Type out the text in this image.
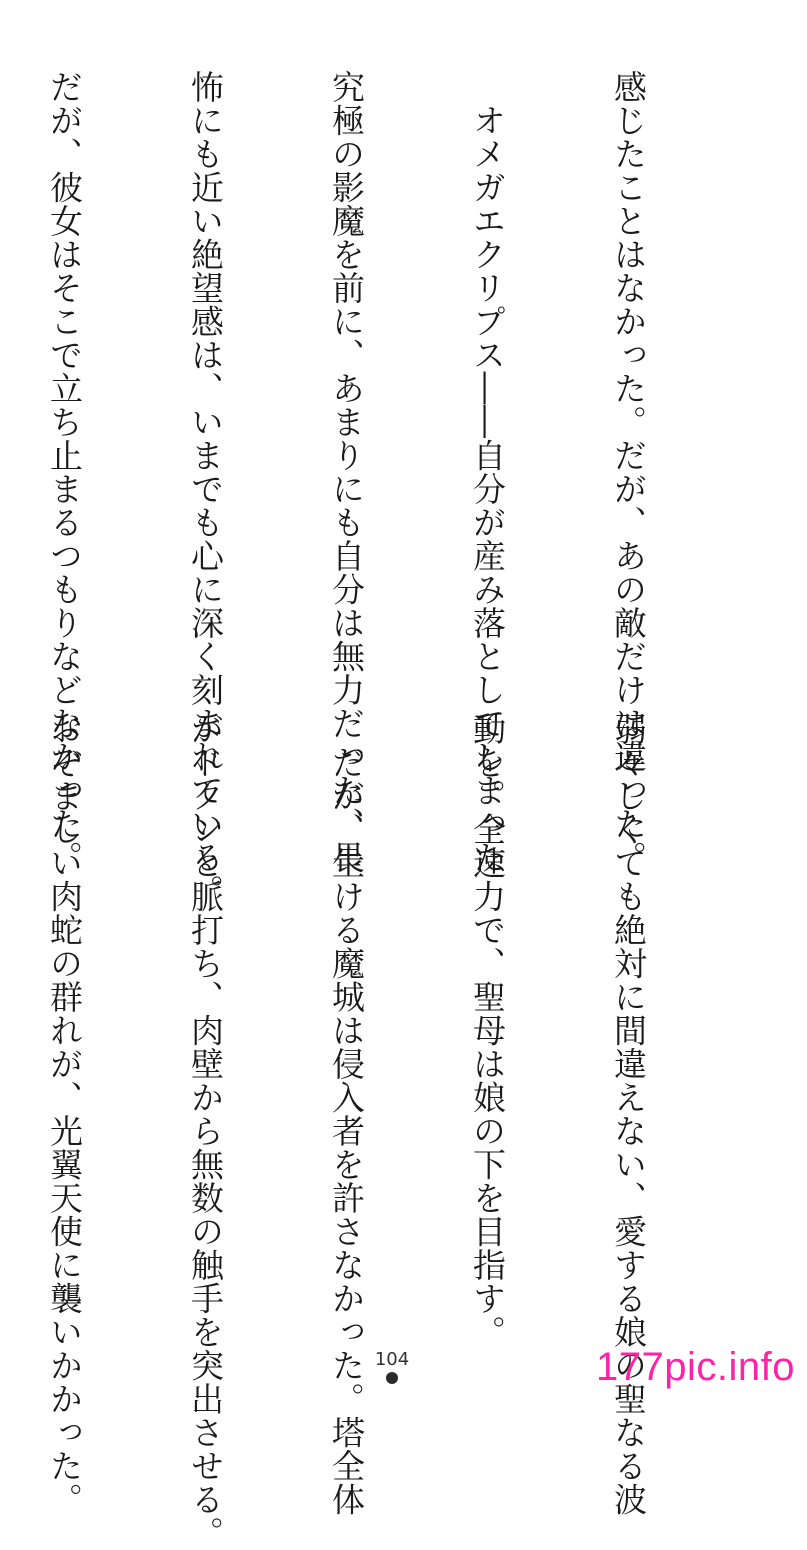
感じたことはなかった。だが、あの敵だけは違った。

　オメガエクリプス――自分が産み落としてしまった

究極の影魔を前に、あまりにも自分は無力だった、畏

怖にも近い絶望感は、いまでも心に深く刻まれている。

だが、彼女はそこで立ち止まるつもりなどなかった。

弱々しくても絶対に間違えない、愛する娘の聖なる波

動を。全速力で、聖母は娘の下を目指す。

　だが、生ける魔城は侵入者を許さなかった。塔全体

がドクンと脈打ち、肉壁から無数の触手を突出させる。

おぞましい肉蛇の群れが、光翼天使に襲いかかった。

	104	177pic.info
